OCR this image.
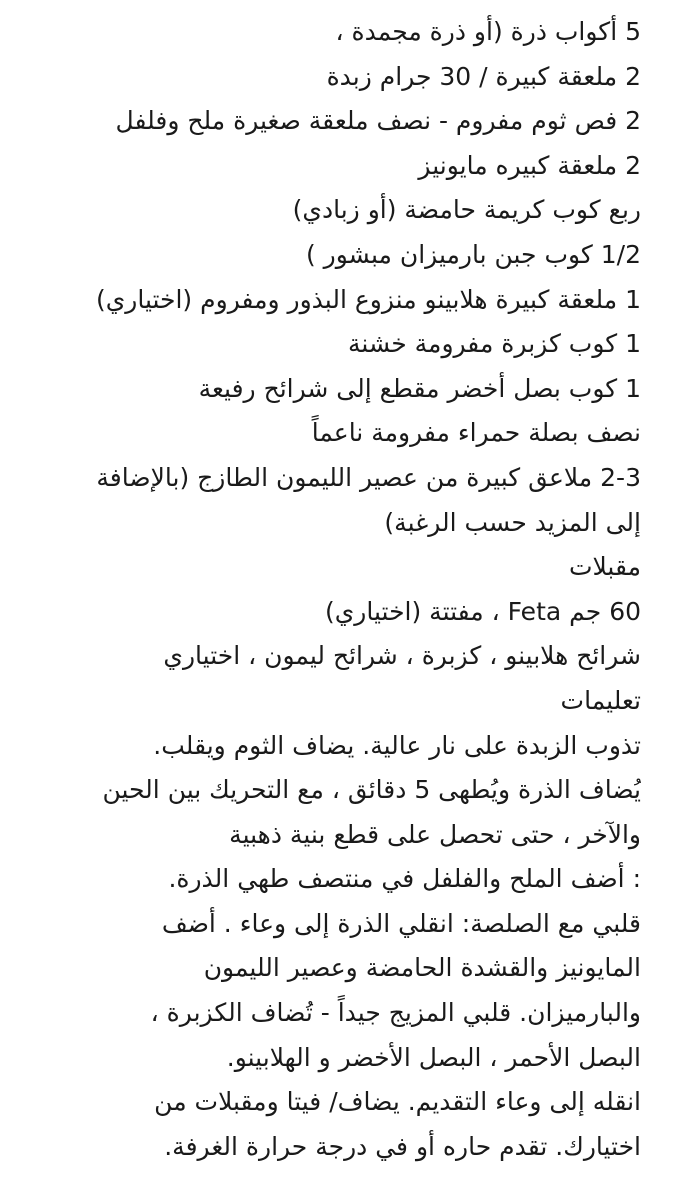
5 أكواب ذرة (أو ذرة مجمدة ،
2 ملعقة كبيرة / 30 جرام زبدة
2 فص ثوم مفروم - نصف ملعقة صغيرة ملح وفلفل
2 ملعقة كبيره مايونيز
ربع كوب كريمة حامضة (أو زبادي)
1/2 كوب جبن بارميزان مبشور )
1 ملعقة كبيرة هلابينو منزوع البذور ومفروم (اختياري)
1 كوب كزبرة مفرومة خشنة
1 كوب بصل أخضر مقطع إلى شرائح رفيعة
نصف بصلة حمراء مفرومة ناعماً
2-3 ملاعق كبيرة من عصير الليمون الطازج (بالإضافة
إلى المزيد حسب الرغبة)
مقبلات
60 جم Feta ، مفتتة (اختياري)
شرائح هلابينو ، كزبرة ، شرائح ليمون ، اختياري
تعليمات
تذوب الزبدة على نار عالية. يضاف الثوم ويقلب.
يُضاف الذرة ويُطهى 5 دقائق ، مع التحريك بين الحين
والآخر ، حتى تحصل على قطع بنية ذهبية
: أضف الملح والفلفل في منتصف طهي الذرة.
قلبي مع الصلصة: انقلي الذرة إلى وعاء . أضف
المايونيز والقشدة الحامضة وعصير الليمون
والبارميزان. قلبي المزيج جيداً - تُضاف الكزبرة ،
البصل الأحمر ، البصل الأخضر و الهلابينو.
انقله إلى وعاء التقديم. يضاف/ فيتا ومقبلات من
اختيارك. تقدم حاره أو في درجة حرارة الغرفة.
